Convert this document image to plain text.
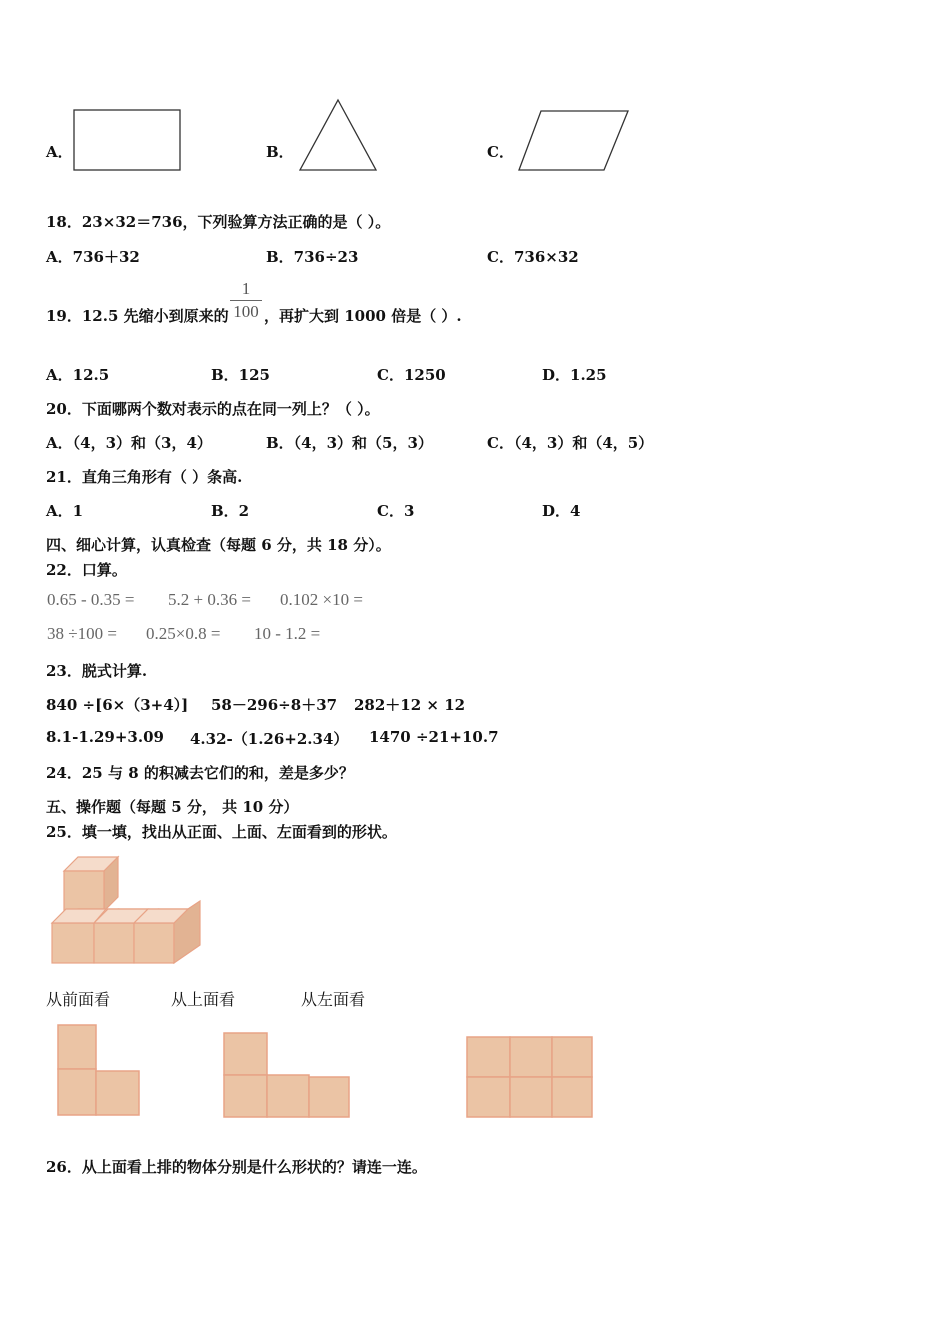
A．	B．	C．
18．23×32＝736，下列验算方法正确的是（ ）。
A．736＋32	B．736÷23	C．736×32
19．12.5 先缩小到原来的
1
100 ，再扩大到 1000 倍是（ ）.
A．12.5	B．125	C．1250	D．1.25
20．下面哪两个数对表示的点在同一列上？（ ）。
A．（4，3）和（3，4）	B．（4，3）和（5，3）	C．（4，3）和（4，5）
21．直角三角形有（ ）条高.
A．1	B．2	C．3	D．4
四、细心计算，认真检查（每题 6 分，共 18 分）。
22．口算。
0.65 - 0.35 = 5.2 + 0.36 = 0.102 ×10 =
38 ÷100 = 0.25×0.8 = 10 - 1.2 =
23．脱式计算.
840 ÷[6×（3+4）] 58－296÷8＋37 282＋12 × 12
8.1-1.29+3.09 4.32-（1.26+2.34） 1470 ÷21+10.7
24．25 与 8 的积减去它们的和，差是多少？
五、操作题（每题 5 分， 共 10 分）
25．填一填，找出从正面、上面、左面看到的形状。
从前面看	从上面看	从左面看
26．从上面看上排的物体分别是什么形状的？请连一连。
